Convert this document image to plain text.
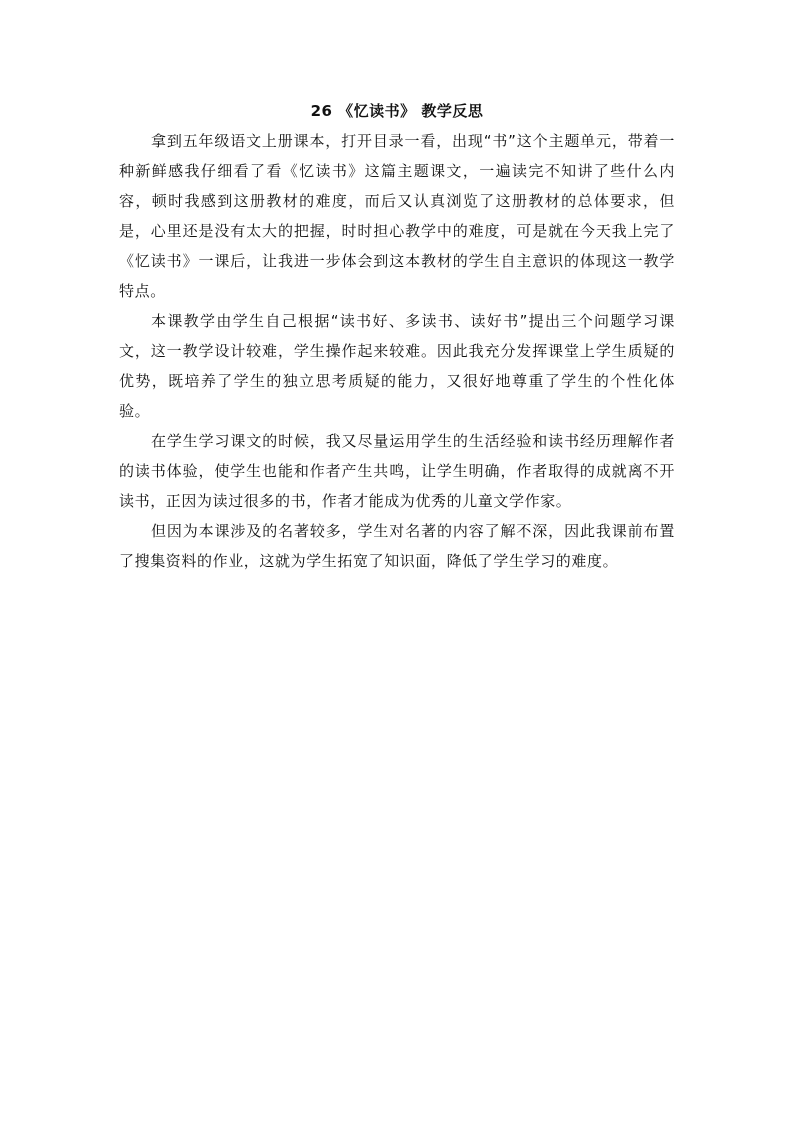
26 《忆读书》 教学反思

拿到五年级语文上册课本，打开目录一看，出现“书”这个主题单元，带着一种新鲜感我仔细看了看《忆读书》这篇主题课文，一遍读完不知讲了些什么内容，顿时我感到这册教材的难度，而后又认真浏览了这册教材的总体要求，但是，心里还是没有太大的把握，时时担心教学中的难度，可是就在今天我上完了《忆读书》一课后，让我进一步体会到这本教材的学生自主意识的体现这一教学特点。

本课教学由学生自己根据“读书好、多读书、读好书”提出三个问题学习课文，这一教学设计较难，学生操作起来较难。因此我充分发挥课堂上学生质疑的优势，既培养了学生的独立思考质疑的能力，又很好地尊重了学生的个性化体验。

在学生学习课文的时候，我又尽量运用学生的生活经验和读书经历理解作者的读书体验，使学生也能和作者产生共鸣，让学生明确，作者取得的成就离不开读书，正因为读过很多的书，作者才能成为优秀的儿童文学作家。

但因为本课涉及的名著较多，学生对名著的内容了解不深，因此我课前布置了搜集资料的作业，这就为学生拓宽了知识面，降低了学生学习的难度。
